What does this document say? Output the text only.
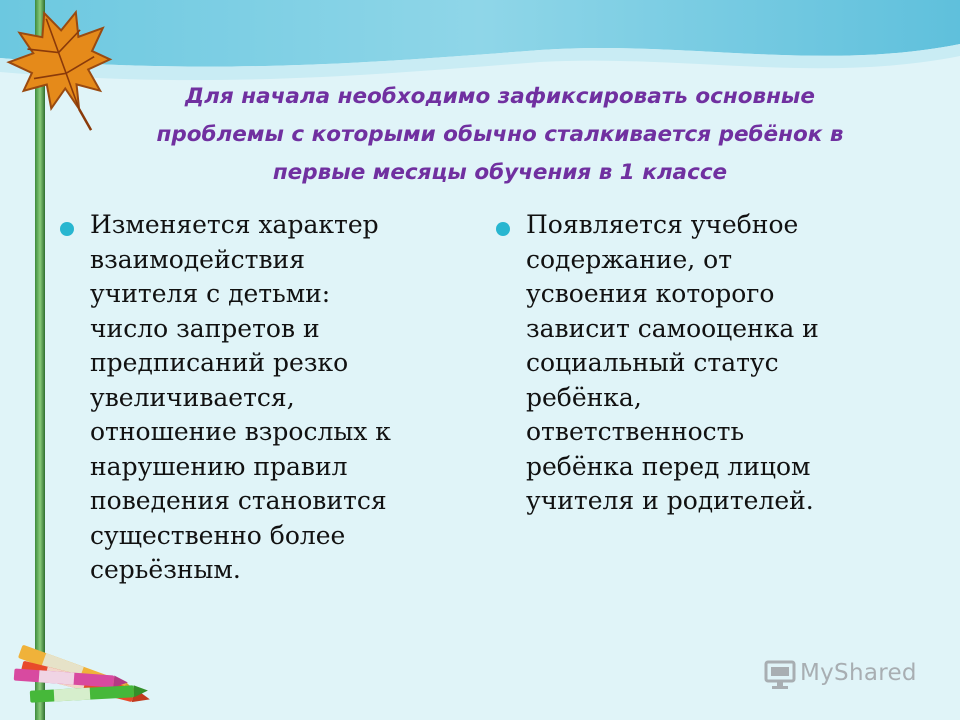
Для начала необходимо зафиксировать основные
проблемы с которыми обычно сталкивается ребёнок в
первые месяцы обучения в 1 классе
Изменяется характер
взаимодействия
учителя с детьми:
число запретов и
предписаний резко
увеличивается,
отношение взрослых к
нарушению правил
поведения становится
существенно более
серьёзным.
Появляется учебное
содержание, от
усвоения которого
зависит самооценка и
социальный статус
ребёнка,
ответственность
ребёнка перед лицом
учителя и родителей.
MyShared
